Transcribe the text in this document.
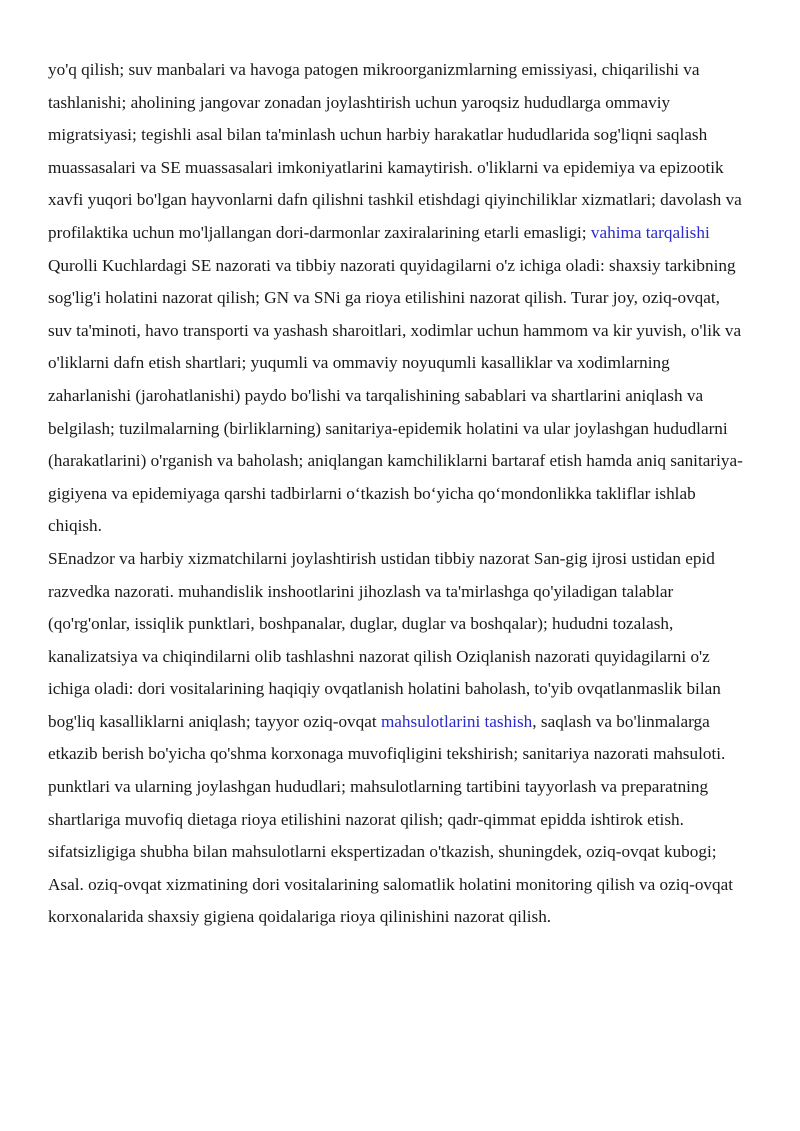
yo'q qilish; suv manbalari va havoga patogen mikroorganizmlarning emissiyasi, chiqarilishi va tashlanishi; aholining jangovar zonadan joylashtirish uchun yaroqsiz hududlarga ommaviy migratsiyasi; tegishli asal bilan ta'minlash uchun harbiy harakatlar hududlarida sog'liqni saqlash muassasalari va SE muassasalari imkoniyatlarini kamaytirish. o'liklarni va epidemiya va epizootik xavfi yuqori bo'lgan hayvonlarni dafn qilishni tashkil etishdagi qiyinchiliklar xizmatlari; davolash va profilaktika uchun mo'ljallangan dori-darmonlar zaxiralarining etarli emasligi; vahima tarqalishi

Qurolli Kuchlardagi SE nazorati va tibbiy nazorati quyidagilarni o'z ichiga oladi: shaxsiy tarkibning sog'lig'i holatini nazorat qilish; GN va SNi ga rioya etilishini nazorat qilish. Turar joy, oziq-ovqat, suv ta'minoti, havo transporti va yashash sharoitlari, xodimlar uchun hammom va kir yuvish, o'lik va o'liklarni dafn etish shartlari; yuqumli va ommaviy noyuqumli kasalliklar va xodimlarning zaharlanishi (jarohatlanishi) paydo bo'lishi va tarqalishining sabablari va shartlarini aniqlash va belgilash; tuzilmalarning (birliklarning) sanitariya-epidemik holatini va ular joylashgan hududlarni (harakatlarini) o'rganish va baholash; aniqlangan kamchiliklarni bartaraf etish hamda aniq sanitariya-gigiyena va epidemiyaga qarshi tadbirlarni oʻtkazish boʻyicha qoʻmondonlikka takliflar ishlab chiqish.

SEnadzor va harbiy xizmatchilarni joylashtirish ustidan tibbiy nazorat San-gig ijrosi ustidan epid razvedka nazorati. muhandislik inshootlarini jihozlash va ta'mirlashga qo'yiladigan talablar (qo'rg'onlar, issiqlik punktlari, boshpanalar, duglar, duglar va boshqalar); hududni tozalash, kanalizatsiya va chiqindilarni olib tashlashni nazorat qilish Oziqlanish nazorati quyidagilarni o'z ichiga oladi: dori vositalarining haqiqiy ovqatlanish holatini baholash, to'yib ovqatlanmaslik bilan bog'liq kasalliklarni aniqlash; tayyor oziq-ovqat mahsulotlarini tashish, saqlash va bo'linmalarga etkazib berish bo'yicha qo'shma korxonaga muvofiqligini tekshirish; sanitariya nazorati mahsuloti. punktlari va ularning joylashgan hududlari; mahsulotlarning tartibini tayyorlash va preparatning shartlariga muvofiq dietaga rioya etilishini nazorat qilish; qadr-qimmat epidda ishtirok etish. sifatsizligiga shubha bilan mahsulotlarni ekspertizadan o'tkazish, shuningdek, oziq-ovqat kubogi; Asal. oziq-ovqat xizmatining dori vositalarining salomatlik holatini monitoring qilish va oziq-ovqat korxonalarida shaxsiy gigiena qoidalariga rioya qilinishini nazorat qilish.
